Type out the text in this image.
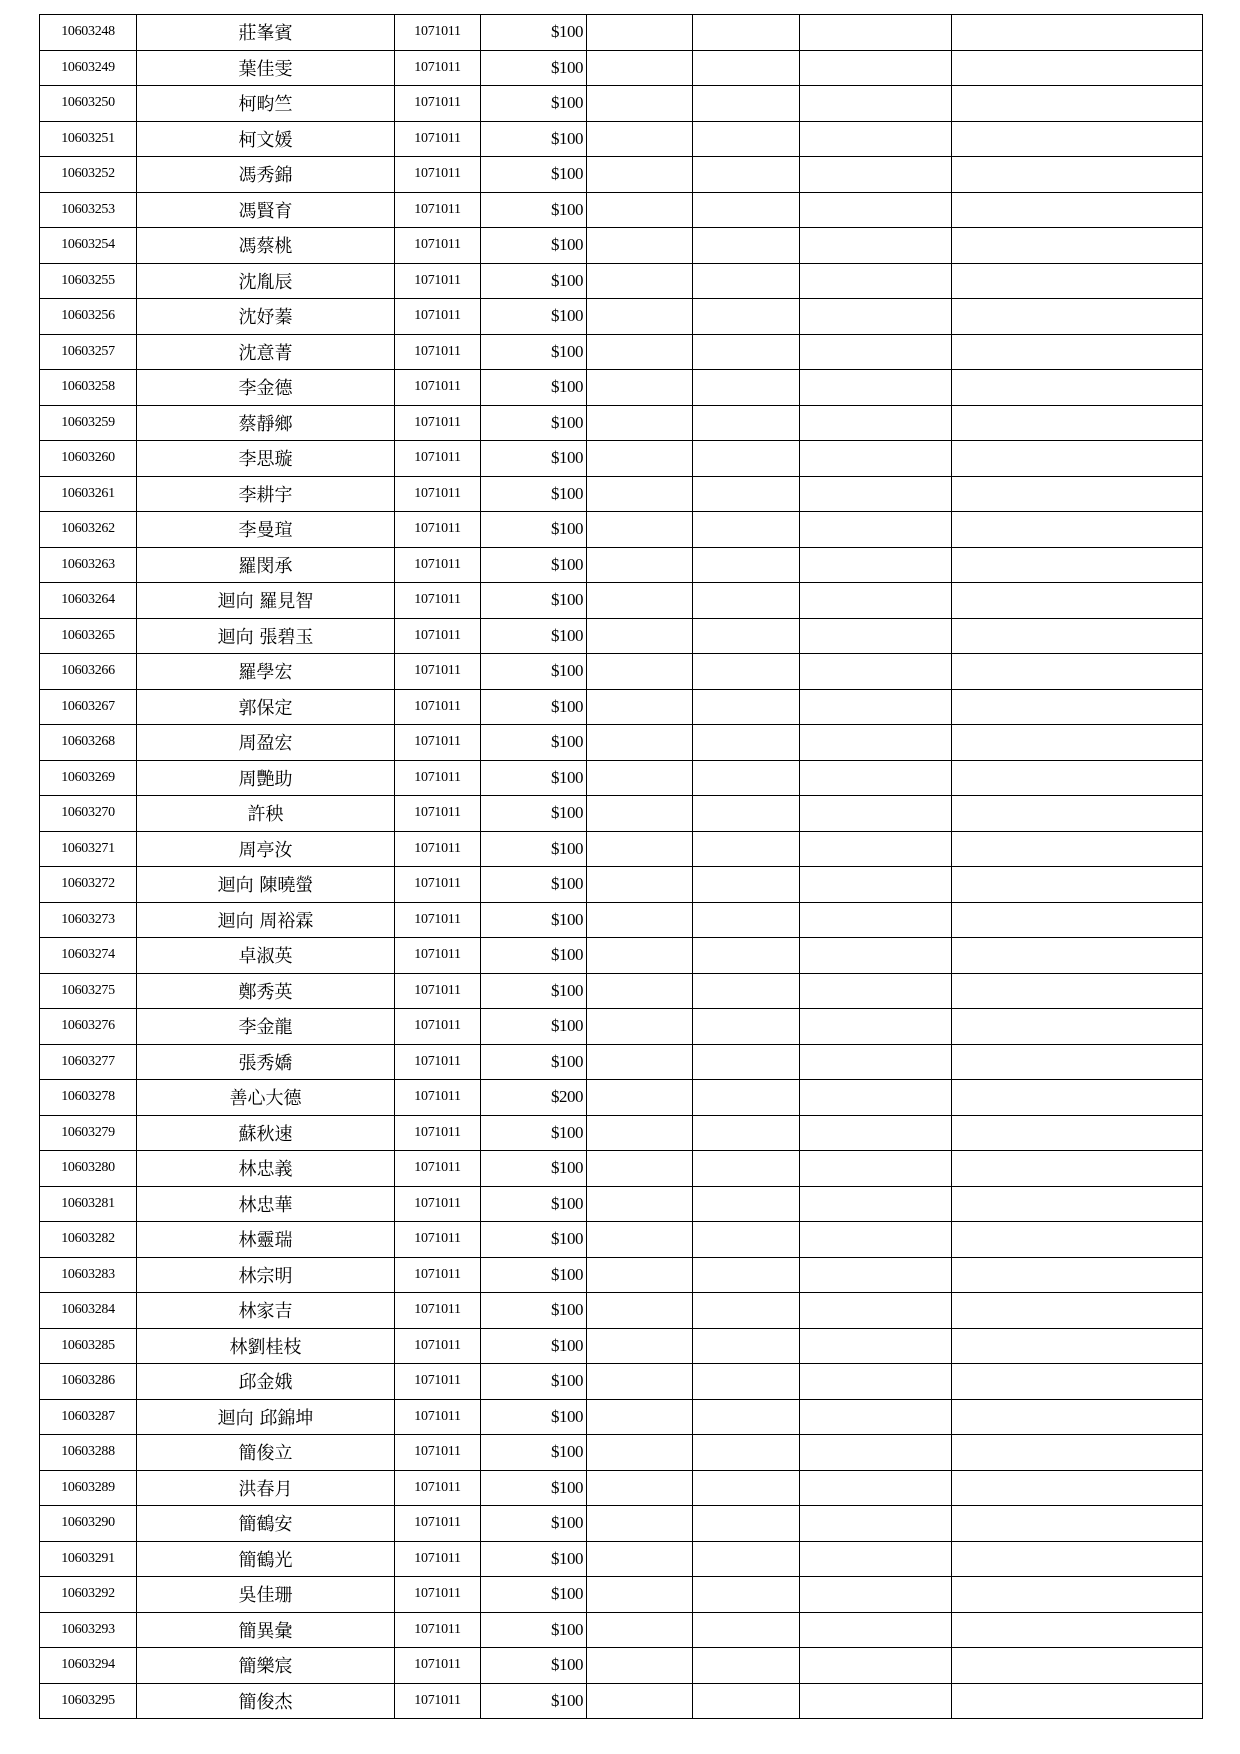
10603248	莊峯賓	1071011	$100				
10603249	葉佳雯	1071011	$100				
10603250	柯畇竺	1071011	$100				
10603251	柯文媛	1071011	$100				
10603252	馮秀錦	1071011	$100				
10603253	馮賢育	1071011	$100				
10603254	馮蔡桃	1071011	$100				
10603255	沈胤辰	1071011	$100				
10603256	沈妤蓁	1071011	$100				
10603257	沈意菁	1071011	$100				
10603258	李金德	1071011	$100				
10603259	蔡靜鄉	1071011	$100				
10603260	李思璇	1071011	$100				
10603261	李耕宇	1071011	$100				
10603262	李曼瑄	1071011	$100				
10603263	羅閔承	1071011	$100				
10603264	迴向 羅見智	1071011	$100				
10603265	迴向 張碧玉	1071011	$100				
10603266	羅學宏	1071011	$100				
10603267	郭保定	1071011	$100				
10603268	周盈宏	1071011	$100				
10603269	周艷助	1071011	$100				
10603270	許秧	1071011	$100				
10603271	周亭汝	1071011	$100				
10603272	迴向 陳曉螢	1071011	$100				
10603273	迴向 周裕霖	1071011	$100				
10603274	卓淑英	1071011	$100				
10603275	鄭秀英	1071011	$100				
10603276	李金龍	1071011	$100				
10603277	張秀嬌	1071011	$100				
10603278	善心大德	1071011	$200				
10603279	蘇秋速	1071011	$100				
10603280	林忠義	1071011	$100				
10603281	林忠華	1071011	$100				
10603282	林靈瑞	1071011	$100				
10603283	林宗明	1071011	$100				
10603284	林家吉	1071011	$100				
10603285	林劉桂枝	1071011	$100				
10603286	邱金娥	1071011	$100				
10603287	迴向 邱錦坤	1071011	$100				
10603288	簡俊立	1071011	$100				
10603289	洪春月	1071011	$100				
10603290	簡鶴安	1071011	$100				
10603291	簡鶴光	1071011	$100				
10603292	吳佳珊	1071011	$100				
10603293	簡異彙	1071011	$100				
10603294	簡樂宸	1071011	$100				
10603295	簡俊杰	1071011	$100				
